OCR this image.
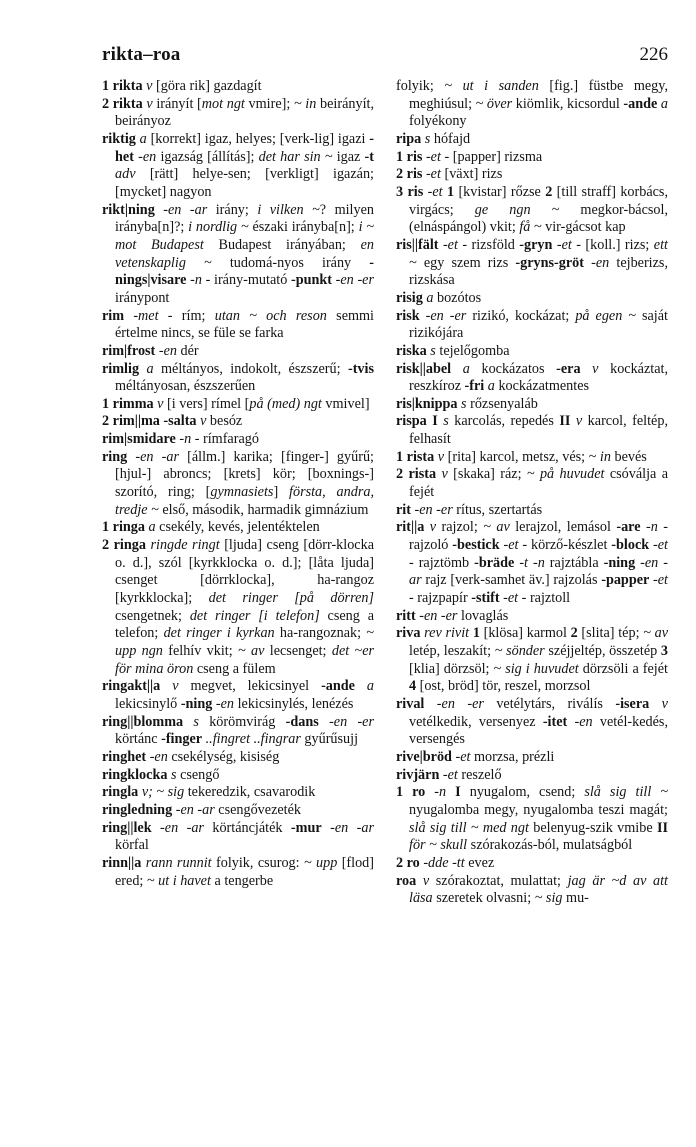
rikta–roa	226
1 rikta v [göra rik] gazdagít
2 rikta v irányít [mot ngt vmire]; ~ in beirányít, beirányoz
riktig a [korrekt] igaz, helyes; [verk-lig] igazi -het -en igazság [állítás]; det har sin ~ igaz -t adv [rätt] helye-sen; [verkligt] igazán; [mycket] nagyon
rikt|ning -en -ar irány; i vilken ~? milyen irányba[n]?; i nordlig ~ északi irányba[n]; i ~ mot Budapest Budapest irányában; en vetenskaplig ~ tudomá-nyos irány -nings|visare -n - irány-mutató -punkt -en -er iránypont
rim -met - rím; utan ~ och reson semmi értelme nincs, se füle se farka
rim|frost -en dér
rimlig a méltányos, indokolt, észszerű; -tvis méltányosan, észszerűen
1 rimma v [i vers] rímel [på (med) ngt vmivel]
2 rim||ma -salta v besóz
rim|smidare -n - rímfaragó
ring -en -ar [állm.] karika; [finger-] gyűrű; [hjul-] abroncs; [krets] kör; [boxnings-] szorító, ring; [gymnasiets] första, andra, tredje ~ első, második, harmadik gimnázium
1 ringa a csekély, kevés, jelentéktelen
2 ringa ringde ringt [ljuda] cseng [dörr-klocka o. d.], szól [kyrkklocka o. d.]; [låta ljuda] csenget [dörrklocka], ha-rangoz [kyrkklocka]; det ringer [på dörren] csengetnek; det ringer [i telefon] cseng a telefon; det ringer i kyrkan ha-rangoznak; ~ upp ngn felhív vkit; ~ av lecsenget; det ~er för mina öron cseng a fülem
ringakt||a v megvet, lekicsinyel -ande a lekicsinylő -ning -en lekicsinylés, lenézés
ring||blomma s körömvirág -dans -en -er körtánc -finger ..fingret ..fingrar gyűrűsujj
ringhet -en csekélység, kisiség
ringklocka s csengő
ringla v; ~ sig tekeredzik, csavarodik
ringledning -en -ar csengővezeték
ring||lek -en -ar körtáncjáték -mur -en -ar körfal
rinn||a rann runnit folyik, csurog: ~ upp [flod] ered; ~ ut i havet a tengerbe
folyik; ~ ut i sanden [fig.] füstbe megy, meghiúsul; ~ över kiömlik, kicsordul -ande a folyékony
ripa s hófajd
1 ris -et - [papper] rizsma
2 ris -et [växt] rizs
3 ris -et 1 [kvistar] rőzse 2 [till straff] korbács, virgács; ge ngn ~ megkor-bácsol, (elnáspángol) vkit; få ~ vir-gácsot kap
ris||fält -et - rizsföld -gryn -et - [koll.] rizs; ett ~ egy szem rizs -gryns-gröt -en tejberizs, rizskása
risig a bozótos
risk -en -er rizikó, kockázat; på egen ~ saját rizikójára
riska s tejelőgomba
risk||abel a kockázatos -era v kockáztat, reszkíroz -fri a kockázatmentes
ris|knippa s rőzsenyaláb
rispa I s karcolás, repedés II v karcol, feltép, felhasít
1 rista v [rita] karcol, metsz, vés; ~ in bevés
2 rista v [skaka] ráz; ~ på huvudet csóválja a fejét
rit -en -er rítus, szertartás
rit||a v rajzol; ~ av lerajzol, lemásol -are -n - rajzoló -bestick -et - körző-készlet -block -et - rajztömb -bräde -t -n rajztábla -ning -en -ar rajz [verk-samhet äv.] rajzolás -papper -et - rajzpapír -stift -et - rajztoll
ritt -en -er lovaglás
riva rev rivit 1 [klösa] karmol 2 [slita] tép; ~ av letép, leszakít; ~ sönder széjjeltép, összetép 3 [klia] dörzsöl; ~ sig i huvudet dörzsöli a fejét 4 [ost, bröd] tör, reszel, morzsol
rival -en -er vetélytárs, riválís -isera v vetélkedik, versenyez -itet -en vetél-kedés, versengés
rive|bröd -et morzsa, prézli
rivjärn -et reszelő
1 ro -n I nyugalom, csend; slå sig till ~ nyugalomba megy, nyugalomba teszi magát; slå sig till ~ med ngt belenyug-szik vmibe II för ~ skull szórakozás-ból, mulatságból
2 ro -dde -tt evez
roa v szórakoztat, mulattat; jag är ~d av att läsa szeretek olvasni; ~ sig mu-
